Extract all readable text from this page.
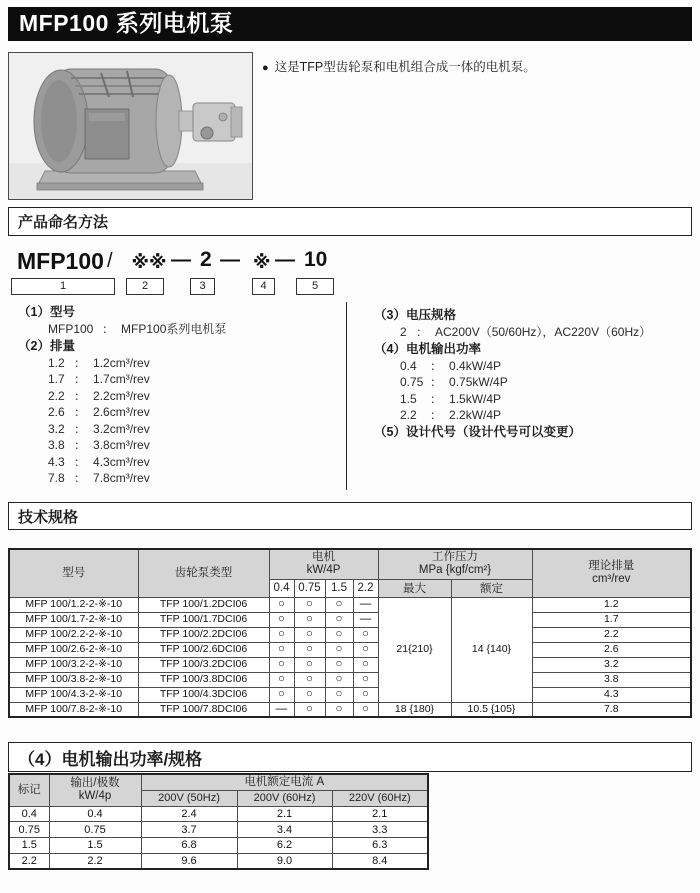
MFP100 系列电机泵
● 这是TFP型齿轮泵和电机组合成一体的电机泵。
产品命名方法
MFP100 / ※※ — 2 — ※ — 10
1	2	3	4	5
（1）型号
MFP100 ： MFP100系列电机泵
（2）排量
1.2 ： 1.2cm³/rev
1.7 ： 1.7cm³/rev
2.2 ： 2.2cm³/rev
2.6 ： 2.6cm³/rev
3.2 ： 3.2cm³/rev
3.8 ： 3.8cm³/rev
4.3 ： 4.3cm³/rev
7.8 ： 7.8cm³/rev
（3）电压规格
2 ： AC200V（50/60Hz），AC220V（60Hz）
（4）电机输出功率
0.4 ： 0.4kW/4P
0.75 ： 0.75kW/4P
1.5 ： 1.5kW/4P
2.2 ： 2.2kW/4P
（5）设计代号（设计代号可以变更）
技术规格
型号	齿轮泵类型	
电机
kW/4P

工作压力
MPa {kgf/cm²}	理论排量
cm³/rev

		0.4	0.75	1.5	2.2	最大	额定	
MFP 100/1.2-2-※-10	TFP 100/1.2DCI06	○	○	○	—	21{210}	14 {140}	1.2
MFP 100/1.7-2-※-10	TFP 100/1.7DCI06	○	○	○	—			1.7
MFP 100/2.2-2-※-10	TFP 100/2.2DCI06	○	○	○	○			2.2
MFP 100/2.6-2-※-10	TFP 100/2.6DCI06	○	○	○	○			2.6
MFP 100/3.2-2-※-10	TFP 100/3.2DCI06	○	○	○	○			3.2
MFP 100/3.8-2-※-10	TFP 100/3.8DCI06	○	○	○	○			3.8
MFP 100/4.3-2-※-10	TFP 100/4.3DCI06	○	○	○	○			4.3
MFP 100/7.8-2-※-10	TFP 100/7.8DCI06	—	○	○	○	18 {180}	10.5 {105}	7.8
（4）电机输出功率/规格
标记	输出/极数
kW/4p	电机额定电流 A		
		200V (50Hz)	200V (60Hz)	220V (60Hz)
0.4	0.4	2.4	2.1	2.1
0.75	0.75	3.7	3.4	3.3
1.5	1.5	6.8	6.2	6.3
2.2	2.2	9.6	9.0	8.4
